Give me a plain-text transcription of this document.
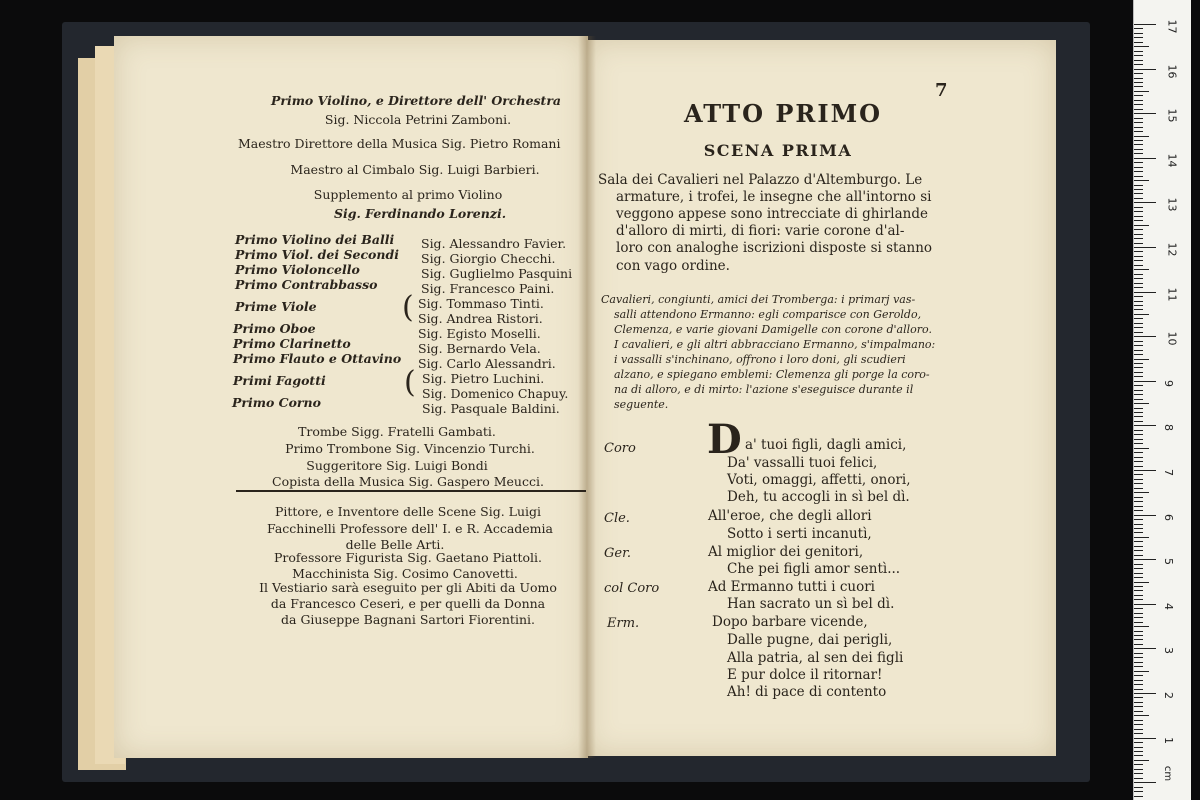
Primo Violino, e Direttore dell' Orchestra
Sig. Niccola Petrini Zamboni.
Maestro Direttore della Musica Sig. Pietro Romani
Maestro al Cimbalo Sig. Luigi Barbieri.
Supplemento al primo Violino
Sig. Ferdinando Lorenzi.
Primo Violino dei Balli
Primo Viol. dei Secondi
Primo Violoncello
Primo Contrabbasso
Prime Viole
Primo Oboe
Primo Clarinetto
Primo Flauto e Ottavino
Primi Fagotti
Primo Corno
Sig. Alessandro Favier.
Sig. Giorgio Checchi.
Sig. Guglielmo Pasquini
Sig. Francesco Paini.
Sig. Tommaso Tinti.
Sig. Andrea Ristori.
Sig. Egisto Moselli.
Sig. Bernardo Vela.
Sig. Carlo Alessandri.
Sig. Pietro Luchini.
Sig. Domenico Chapuy.
Sig. Pasquale Baldini.
(
(
Trombe Sigg. Fratelli Gambati.
Primo Trombone Sig. Vincenzio Turchi.
Suggeritore Sig. Luigi Bondi
Copista della Musica Sig. Gaspero Meucci.
Pittore, e Inventore delle Scene Sig. Luigi
Facchinelli Professore dell' I. e R. Accademia
delle Belle Arti.
Professore Figurista Sig. Gaetano Piattoli.
Macchinista Sig. Cosimo Canovetti.
Il Vestiario sarà eseguito per gli Abiti da Uomo
da Francesco Ceseri, e per quelli da Donna
da Giuseppe Bagnani Sartori Fiorentini.
7
ATTO PRIMO
SCENA PRIMA
Sala dei Cavalieri nel Palazzo d'Altemburgo. Le
armature, i trofei, le insegne che all'intorno si
veggono appese sono intrecciate di ghirlande
d'alloro di mirti, di fiori: varie corone d'al-
loro con analoghe iscrizioni disposte si stanno
con vago ordine.
Cavalieri, congiunti, amici dei Tromberga: i primarj vas-
salli attendono Ermanno: egli comparisce con Geroldo,
Clemenza, e varie giovani Damigelle con corone d'alloro.
I cavalieri, e gli altri abbracciano Ermanno, s'impalmano:
i vassalli s'inchinano, offrono i loro doni, gli scudieri
alzano, e spiegano emblemi: Clemenza gli porge la coro-
na di alloro, e di mirto: l'azione s'eseguisce durante il
seguente.
Coro
Cle.
Ger.
col Coro
Erm.
D a' tuoi figli, dagli amici,
Da' vassalli tuoi felici,
Voti, omaggi, affetti, onori,
Deh, tu accogli in sì bel dì.
All'eroe, che degli allori
Sotto i serti incanutì,
Al miglior dei genitori,
Che pei figli amor sentì...
Ad Ermanno tutti i cuori
Han sacrato un sì bel dì.
Dopo barbare vicende,
Dalle pugne, dai perigli,
Alla patria, al sen dei figli
E pur dolce il ritornar!
Ah! di pace di contento
cm
17
16
15
14
13
12
11
10
9
8
7
6
5
4
3
2
1
